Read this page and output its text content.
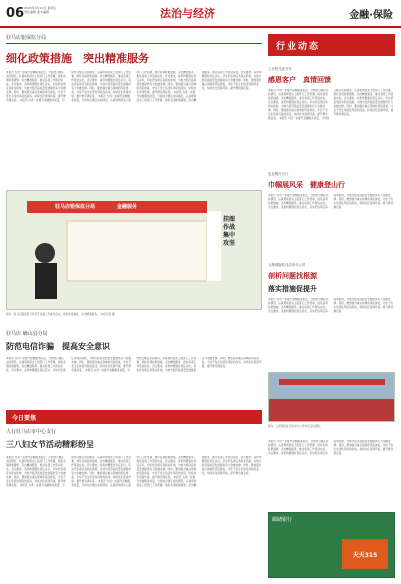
06 2023年3月10日 星期五
责任编辑 美术编辑	法治与经济	金融·保险
驻马店银保监分局
细化政策措施　突出精准服务
本报讯 为进一步提升金融服务质量，分局结合辖区实际情况，认真贯彻落实上级部门工作部署，细化各项政策措施，突出精准服务，推动各项工作落到实处。会议要求，各机构要强化责任意识，切实把各项任务抓实抓细，为地方经济高质量发展提供有力金融支撑。同时，要加强对重点领域的风险排查，守住不发生系统性风险的底线，持续优化营商环境，提升群众满意度。 本报讯 为进一步提升金融服务质量，分局结合辖区实际情况，认真贯彻落实上级部门工作部署，细化各项政策措施，突出精准服务，推动各项工作落到实处。会议要求，各机构要强化责任意识，切实把各项任务抓实抓细，为地方经济高质量发展提供有力金融支撑。同时，要加强对重点领域的风险排查，守住不发生系统性风险的底线，持续优化营商环境，提升群众满意度。 本报讯 为进一步提升金融服务质量，分局结合辖区实际情况，认真贯彻落实上级部门工作部署，细化各项政策措施，突出精准服务，推动各项工作落到实处。会议要求，各机构要强化责任意识，切实把各项任务抓实抓细，为地方经济高质量发展提供有力金融支撑。同时，要加强对重点领域的风险排查，守住不发生系统性风险的底线，持续优化营商环境，提升群众满意度。 本报讯 为进一步提升金融服务质量，分局结合辖区实际情况，认真贯彻落实上级部门工作部署，细化各项政策措施，突出精准服务，推动各项工作落到实处。会议要求，各机构要强化责任意识，切实把各项任务抓实抓细，为地方经济高质量发展提供有力金融支撑。同时，要加强对重点领域的风险排查，守住不发生系统性风险的底线，持续优化营商环境，提升群众满意度。
驻马店银保监分局	金融服务
挂图作战　集中攻坚
图为：驻马店银保监分局召开金融工作推进会议，细化政策措施，突出精准服务。　本报记者 摄
驻马店 确山县分局
防范电信诈骗　提高安全意识
本报讯 为进一步提升金融服务质量，分局结合辖区实际情况，认真贯彻落实上级部门工作部署，细化各项政策措施，突出精准服务，推动各项工作落到实处。会议要求，各机构要强化责任意识，切实把各项任务抓实抓细，为地方经济高质量发展提供有力金融支撑。同时，要加强对重点领域的风险排查，守住不发生系统性风险的底线，持续优化营商环境，提升群众满意度。 本报讯 为进一步提升金融服务质量，分局结合辖区实际情况，认真贯彻落实上级部门工作部署，细化各项政策措施，突出精准服务，推动各项工作落到实处。会议要求，各机构要强化责任意识，切实把各项任务抓实抓细，为地方经济高质量发展提供有力金融支撑。同时，要加强对重点领域的风险排查，守住不发生系统性风险的底线，持续优化营商环境，提升群众满意度。
今日要焦
人行驻马店市中心支行
三八妇女节活动精彩纷呈
本报讯 为进一步提升金融服务质量，分局结合辖区实际情况，认真贯彻落实上级部门工作部署，细化各项政策措施，突出精准服务，推动各项工作落到实处。会议要求，各机构要强化责任意识，切实把各项任务抓实抓细，为地方经济高质量发展提供有力金融支撑。同时，要加强对重点领域的风险排查，守住不发生系统性风险的底线，持续优化营商环境，提升群众满意度。 本报讯 为进一步提升金融服务质量，分局结合辖区实际情况，认真贯彻落实上级部门工作部署，细化各项政策措施，突出精准服务，推动各项工作落到实处。会议要求，各机构要强化责任意识，切实把各项任务抓实抓细，为地方经济高质量发展提供有力金融支撑。同时，要加强对重点领域的风险排查，守住不发生系统性风险的底线，持续优化营商环境，提升群众满意度。 本报讯 为进一步提升金融服务质量，分局结合辖区实际情况，认真贯彻落实上级部门工作部署，细化各项政策措施，突出精准服务，推动各项工作落到实处。会议要求，各机构要强化责任意识，切实把各项任务抓实抓细，为地方经济高质量发展提供有力金融支撑。同时，要加强对重点领域的风险排查，守住不发生系统性风险的底线，持续优化营商环境，提升群众满意度。 本报讯 为进一步提升金融服务质量，分局结合辖区实际情况，认真贯彻落实上级部门工作部署，细化各项政策措施，突出精准服务，推动各项工作落到实处。会议要求，各机构要强化责任意识，切实把各项任务抓实抓细，为地方经济高质量发展提供有力金融支撑。同时，要加强对重点领域的风险排查，守住不发生系统性风险的底线，持续优化营商环境，提升群众满意度。
行业动态
工行驻马店分行
感恩客户　真情回馈
本报讯 为进一步提升金融服务质量，分局结合辖区实际情况，认真贯彻落实上级部门工作部署，细化各项政策措施，突出精准服务，推动各项工作落到实处。会议要求，各机构要强化责任意识，切实把各项任务抓实抓细，为地方经济高质量发展提供有力金融支撑。同时，要加强对重点领域的风险排查，守住不发生系统性风险的底线，持续优化营商环境，提升群众满意度。 本报讯 为进一步提升金融服务质量，分局结合辖区实际情况，认真贯彻落实上级部门工作部署，细化各项政策措施，突出精准服务，推动各项工作落到实处。会议要求，各机构要强化责任意识，切实把各项任务抓实抓细，为地方经济高质量发展提供有力金融支撑。同时，要加强对重点领域的风险排查，守住不发生系统性风险的底线，持续优化营商环境，提升群众满意度。
农业银行分行
巾帼展风采　健康登山行
本报讯 为进一步提升金融服务质量，分局结合辖区实际情况，认真贯彻落实上级部门工作部署，细化各项政策措施，突出精准服务，推动各项工作落到实处。会议要求，各机构要强化责任意识，切实把各项任务抓实抓细，为地方经济高质量发展提供有力金融支撑。同时，要加强对重点领域的风险排查，守住不发生系统性风险的底线，持续优化营商环境，提升群众满意度。
人保财险驻马店市分公司
剖析问题找根源
落实措施促提升
本报讯 为进一步提升金融服务质量，分局结合辖区实际情况，认真贯彻落实上级部门工作部署，细化各项政策措施，突出精准服务，推动各项工作落到实处。会议要求，各机构要强化责任意识，切实把各项任务抓实抓细，为地方经济高质量发展提供有力金融支撑。同时，要加强对重点领域的风险排查，守住不发生系统性风险的底线，持续优化营商环境，提升群众满意度。
图为：人保财险驻马店市分公司举行活动现场。
本报讯 为进一步提升金融服务质量，分局结合辖区实际情况，认真贯彻落实上级部门工作部署，细化各项政策措施，突出精准服务，推动各项工作落到实处。会议要求，各机构要强化责任意识，切实把各项任务抓实抓细，为地方经济高质量发展提供有力金融支撑。同时，要加强对重点领域的风险排查，守住不发生系统性风险的底线，持续优化营商环境，提升群众满意度。
邮储银行
天天315
